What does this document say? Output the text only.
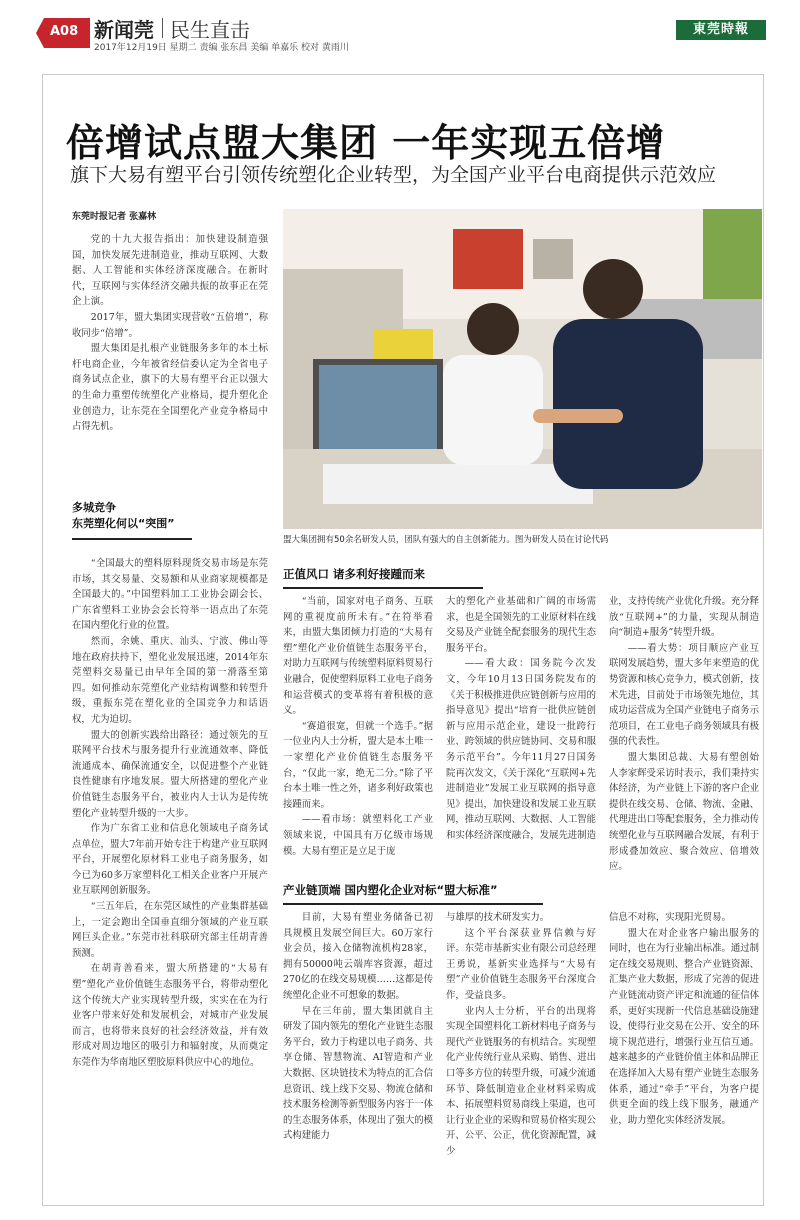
A08 新闻莞 民生直击
2017年12月19日 星期二 责编 张东昌 美编 单嘉乐 校对 黄雨川
東莞時報
倍增试点盟大集团 一年实现五倍增
旗下大易有塑平台引领传统塑化企业转型，为全国产业平台电商提供示范效应
东莞时报记者 张嘉林

党的十九大报告指出：加快建设制造强国，加快发展先进制造业，推动互联网、大数据、人工智能和实体经济深度融合。在新时代，互联网与实体经济交融共振的故事正在莞企上演。

2017年，盟大集团实现营收“五倍增”，称收同步“倍增”。

盟大集团是扎根产业链服务多年的本土标杆电商企业，今年被省经信委认定为全省电子商务试点企业，旗下的大易有塑平台正以强大的生命力重塑传统塑化产业格局，提升塑化企业创造力，让东莞在全国塑化产业竞争格局中占得先机。

多城竞争
东莞塑化何以“突围”

“全国最大的塑料原料现货交易市场是东莞市场，其交易量、交易额和从业商家规模都是全国最大的。”中国塑料加工工业协会副会长、广东省塑料工业协会会长符举一语点出了东莞在国内塑化行业的位置。

然而，余姚、重庆、汕头、宁波、佛山等地在政府扶持下，塑化业发展迅速，2014年东莞塑料交易量已由早年全国的第一滑落至第四。如何推动东莞塑化产业结构调整和转型升级，重振东莞在塑化业的全国竞争力和话语权，尤为迫切。

盟大的创新实践给出路径：通过领先的互联网平台技术与服务提升行业流通效率、降低流通成本、确保流通安全，以促进整个产业链良性健康有序地发展。盟大所搭建的塑化产业价值链生态服务平台，被业内人士认为是传统塑化产业转型升级的一大步。

作为广东省工业和信息化领域电子商务试点单位，盟大7年前开始专注于构建产业互联网平台，开展塑化原材料工业电子商务服务，如今已为60多万家塑料化工相关企业客户开展产业互联网创新服务。

“三五年后，在东莞区域性的产业集群基础上，一定会跑出全国垂直细分领域的产业互联网巨头企业。”东莞市社科联研究部主任胡青善预测。

在胡青善看来，盟大所搭建的“大易有塑”塑化产业价值链生态服务平台，将带动塑化这个传统大产业实现转型升级，实实在在为行业客户带来好处和发展机会，对城市产业发展而言，也将带来良好的社会经济效益，并有效形成对周边地区的吸引力和辐射度，从而奠定东莞作为华南地区塑胶原料供应中心的地位。

盟大集团拥有50余名研发人员，团队有强大的自主创新能力。图为研发人员在讨论代码
正值风口 诸多利好接踵而来

“当前，国家对电子商务、互联网的重视度前所未有。”在符举看来，由盟大集团倾力打造的“大易有塑”塑化产业价值链生态服务平台，对助力互联网与传统塑料原料贸易行业融合，促使塑料原料工业电子商务和运营模式的变革将有着积极的意义。

“赛道很宽，但就一个选手。”据一位业内人士分析，盟大是本土唯一一家塑化产业价值链生态服务平台，“仅此一家，绝无二分。”除了平台本土唯一性之外，诸多利好政策也接踵而来。

——看市场：就塑料化工产业领域来说，中国具有万亿级市场规模。大易有塑正是立足于庞

大的塑化产业基础和广阔的市场需求，也是全国领先的工业原材料在线交易及产业链全配套服务的现代生态服务平台。

——看大政：国务院今次发文，今年10月13日国务院发布的《关于积极推进供应链创新与应用的指导意见》提出“培育一批供应链创新与应用示范企业，建设一批跨行业、跨领域的供应链协同、交易和服务示范平台”。今年11月27日国务院再次发文，《关于深化“互联网+先进制造业”发展工业互联网的指导意见》提出，加快建设和发展工业互联网，推动互联网、大数据、人工智能和实体经济深度融合，发展先进制造

业，支持传统产业优化升级。充分释放“互联网+”的力量，实现从制造向“制造+服务”转型升级。

——看大势：项目顺应产业互联网发展趋势，盟大多年来塑造的优势资源和核心竞争力，模式创新，技术先进，目前处于市场领先地位，其成功运营成为全国产业链电子商务示范项目，在工业电子商务领域具有极强的代表性。

盟大集团总裁、大易有塑创始人李家辉受采访时表示，我们秉持实体经济，为产业链上下游的客户企业提供在线交易、仓储、物流、金融、代理进出口等配套服务，全力推动传统塑化业与互联网融合发展，有利于形成叠加效应、聚合效应、倍增效应。

产业链顶端 国内塑化企业对标“盟大标准”

目前，大易有塑业务储备已初具规模且发展空间巨大。60万家行业会员，接入仓储物流机构28家，拥有50000吨云端库容资源，超过270亿的在线交易规模……这都是传统塑化企业不可想象的数据。

早在三年前，盟大集团就自主研发了国内领先的塑化产业链生态服务平台，致力于构建以电子商务、共享仓储、智慧物流、AI智造和产业大数据、区块链技术为特点的汇合信息资讯、线上线下交易、物流仓储和技术服务检测等新型服务内容于一体的生态服务体系，体现出了强大的模式构建能力

与雄厚的技术研发实力。

这个平台深获业界信赖与好评。东莞市基新实业有限公司总经理王勇说，基新实业选择与“大易有塑”产业价值链生态服务平台深度合作，受益良多。

业内人士分析，平台的出现将实现全国塑料化工新材料电子商务与现代产业链服务的有机结合。实现塑化产业传统行业从采购、销售、进出口等多方位的转型升级，可减少流通环节、降低制造业企业材料采购成本、拓展塑料贸易商线上渠道，也可让行业企业的采购和贸易价格实现公开、公平、公正，优化资源配置，减少

信息不对称，实现阳光贸易。

盟大在对企业客户输出服务的同时，也在为行业输出标准。通过制定在线交易规则、整合产业链资源、汇集产业大数据，形成了完善的促进产业链流动资产评定和流通的征信体系，更好实现新一代信息基础设施建设，使得行业交易在公开、安全的环境下规范进行，增强行业互信互通。越来越多的产业链价值主体和品牌正在选择加入大易有塑产业链生态服务体系，通过“牵手”平台，为客户提供更全面的线上线下服务，融通产业，助力塑化实体经济发展。
